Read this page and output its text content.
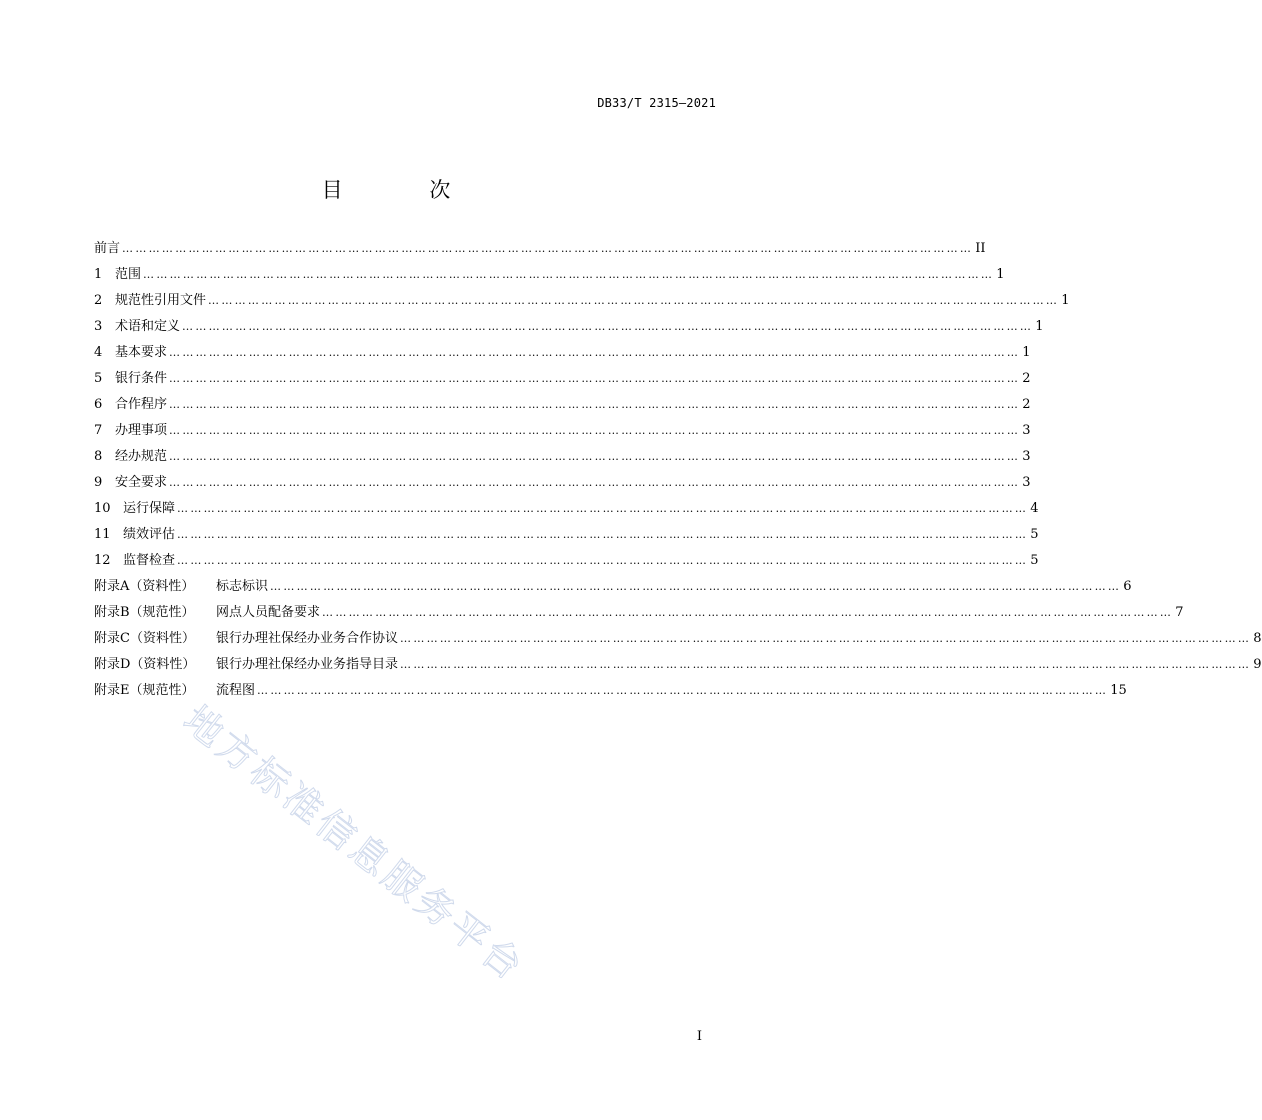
DB33/T 2315—2021
目 次
前言 ………………………………………………………………………………………………………………………………………………………………………… II
1 范围 ………………………………………………………………………………………………………………………………………………………………………… 1
2 规范性引用文件 ………………………………………………………………………………………………………………………………………………………………………… 1
3 术语和定义 ………………………………………………………………………………………………………………………………………………………………………… 1
4 基本要求 ………………………………………………………………………………………………………………………………………………………………………… 1
5 银行条件 ………………………………………………………………………………………………………………………………………………………………………… 2
6 合作程序 ………………………………………………………………………………………………………………………………………………………………………… 2
7 办理事项 ………………………………………………………………………………………………………………………………………………………………………… 3
8 经办规范 ………………………………………………………………………………………………………………………………………………………………………… 3
9 安全要求 ………………………………………………………………………………………………………………………………………………………………………… 3
10 运行保障 ………………………………………………………………………………………………………………………………………………………………………… 4
11 绩效评估 ………………………………………………………………………………………………………………………………………………………………………… 5
12 监督检查 ………………………………………………………………………………………………………………………………………………………………………… 5
附录A（资料性）	标志标识 ………………………………………………………………………………………………………………………………………………………………………… 6
附录B（规范性）	网点人员配备要求 ………………………………………………………………………………………………………………………………………………………………………… 7
附录C（资料性）	银行办理社保经办业务合作协议 ………………………………………………………………………………………………………………………………………………………………………… 8
附录D（资料性）	银行办理社保经办业务指导目录 ………………………………………………………………………………………………………………………………………………………………………… 9
附录E（规范性）	流程图 ………………………………………………………………………………………………………………………………………………………………………… 15
地方标准信息服务平台
I
